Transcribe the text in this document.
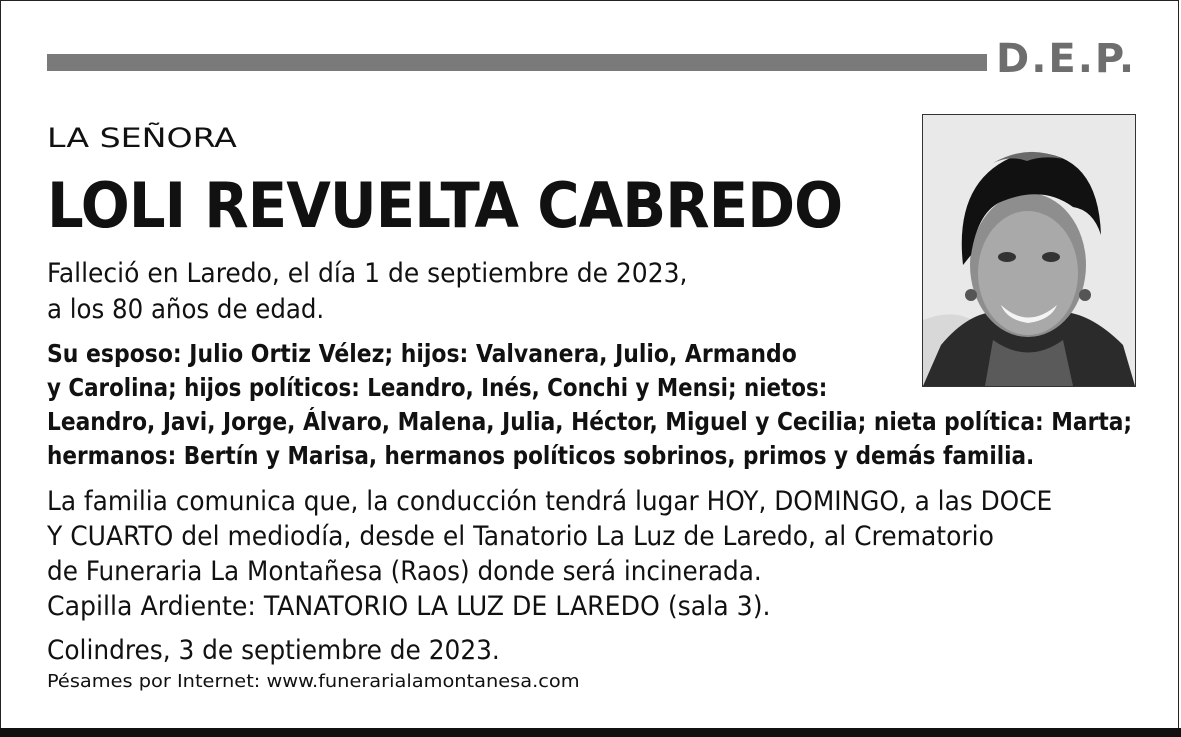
D.E.P.
LA SEÑORA
LOLI REVUELTA CABREDO
Falleció en Laredo, el día 1 de septiembre de 2023,
a los 80 años de edad.
Su esposo: Julio Ortiz Vélez; hijos: Valvanera, Julio, Armando
y Carolina; hijos políticos: Leandro, Inés, Conchi y Mensi; nietos:
Leandro, Javi, Jorge, Álvaro, Malena, Julia, Héctor, Miguel y Cecilia; nieta política: Marta;
hermanos: Bertín y Marisa, hermanos políticos sobrinos, primos y demás familia.
La familia comunica que, la conducción tendrá lugar HOY, DOMINGO, a las DOCE
Y CUARTO del mediodía, desde el Tanatorio La Luz de Laredo, al Crematorio
de Funeraria La Montañesa (Raos) donde será incinerada.
Capilla Ardiente: TANATORIO LA LUZ DE LAREDO (sala 3).
Colindres, 3 de septiembre de 2023.
Pésames por Internet: www.funerarialamontanesa.com
